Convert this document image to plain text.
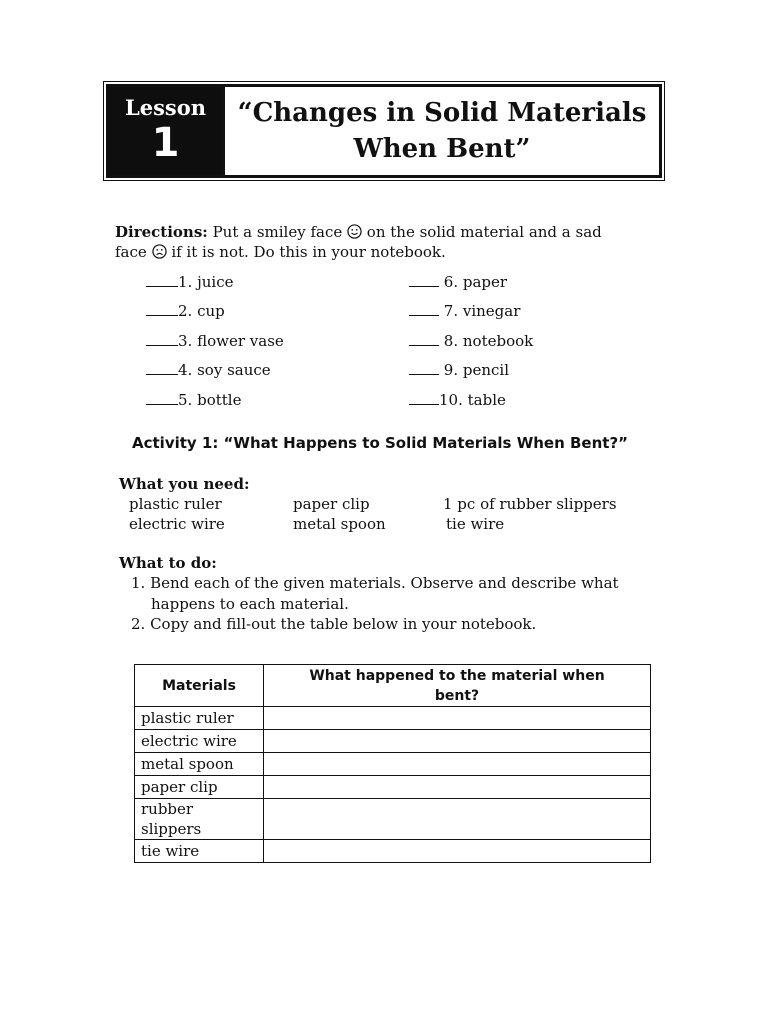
Lesson
1
“Changes in Solid Materials
When Bent”
Directions: Put a smiley face  on the solid material and a sad
face  if it is not. Do this in your notebook.
1. juice
2. cup
3. flower vase
4. soy sauce
5. bottle
6. paper
7. vinegar
8. notebook
9. pencil
10. table
Activity 1: “What Happens to Solid Materials When Bent?”
What you need:
plastic ruler	paper clip	1 pc of rubber slippers
electric wire	metal spoon	tie wire
What to do:
1. Bend each of the given materials. Observe and describe what
happens to each material.
2. Copy and fill-out the table below in your notebook.
Materials	What happened to the material when bent?
plastic ruler	
electric wire	
metal spoon	
paper clip	
rubber slippers	
tie wire	
